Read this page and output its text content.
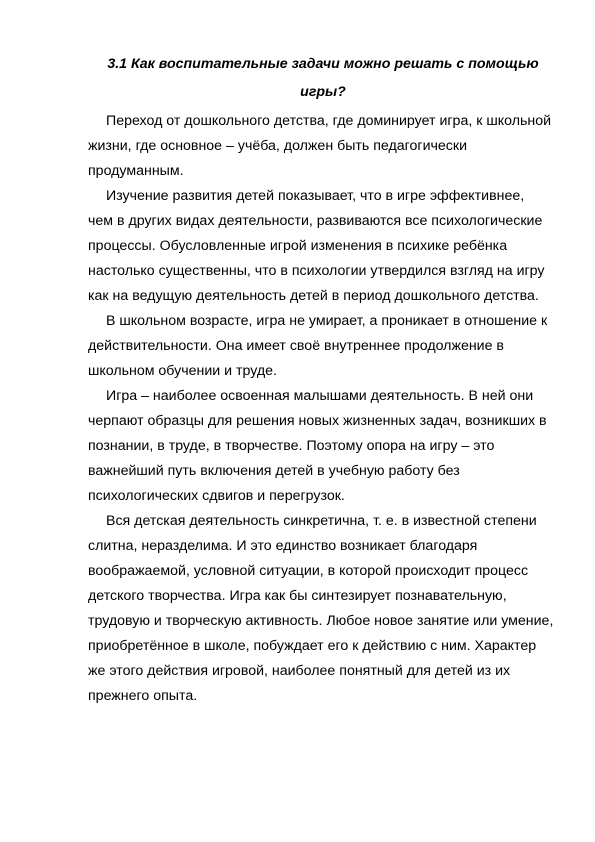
3.1 Как воспитательные задачи можно решать с помощью
игры?
Переход от дошкольного детства, где доминирует игра, к школьной
жизни, где основное – учёба, должен быть педагогически
продуманным.
Изучение развития детей показывает, что в игре эффективнее,
чем в других видах деятельности, развиваются все психологические
процессы. Обусловленные игрой изменения в психике ребёнка
настолько существенны, что в психологии утвердился взгляд на игру
как на ведущую деятельность детей в период дошкольного детства.
В школьном возрасте, игра не умирает, а проникает в отношение к
действительности. Она имеет своё внутреннее продолжение в
школьном обучении и труде.
Игра – наиболее освоенная малышами деятельность. В ней они
черпают образцы для решения новых жизненных задач, возникших в
познании, в труде, в творчестве. Поэтому опора на игру – это
важнейший путь включения детей в учебную работу без
психологических сдвигов и перегрузок.
Вся детская деятельность синкретична, т. е. в известной степени
слитна, неразделима. И это единство возникает благодаря
воображаемой, условной ситуации, в которой происходит процесс
детского творчества. Игра как бы синтезирует познавательную,
трудовую и творческую активность. Любое новое занятие или умение,
приобретённое в школе, побуждает его к действию с ним. Характер
же этого действия игровой, наиболее понятный для детей из их
прежнего опыта.
